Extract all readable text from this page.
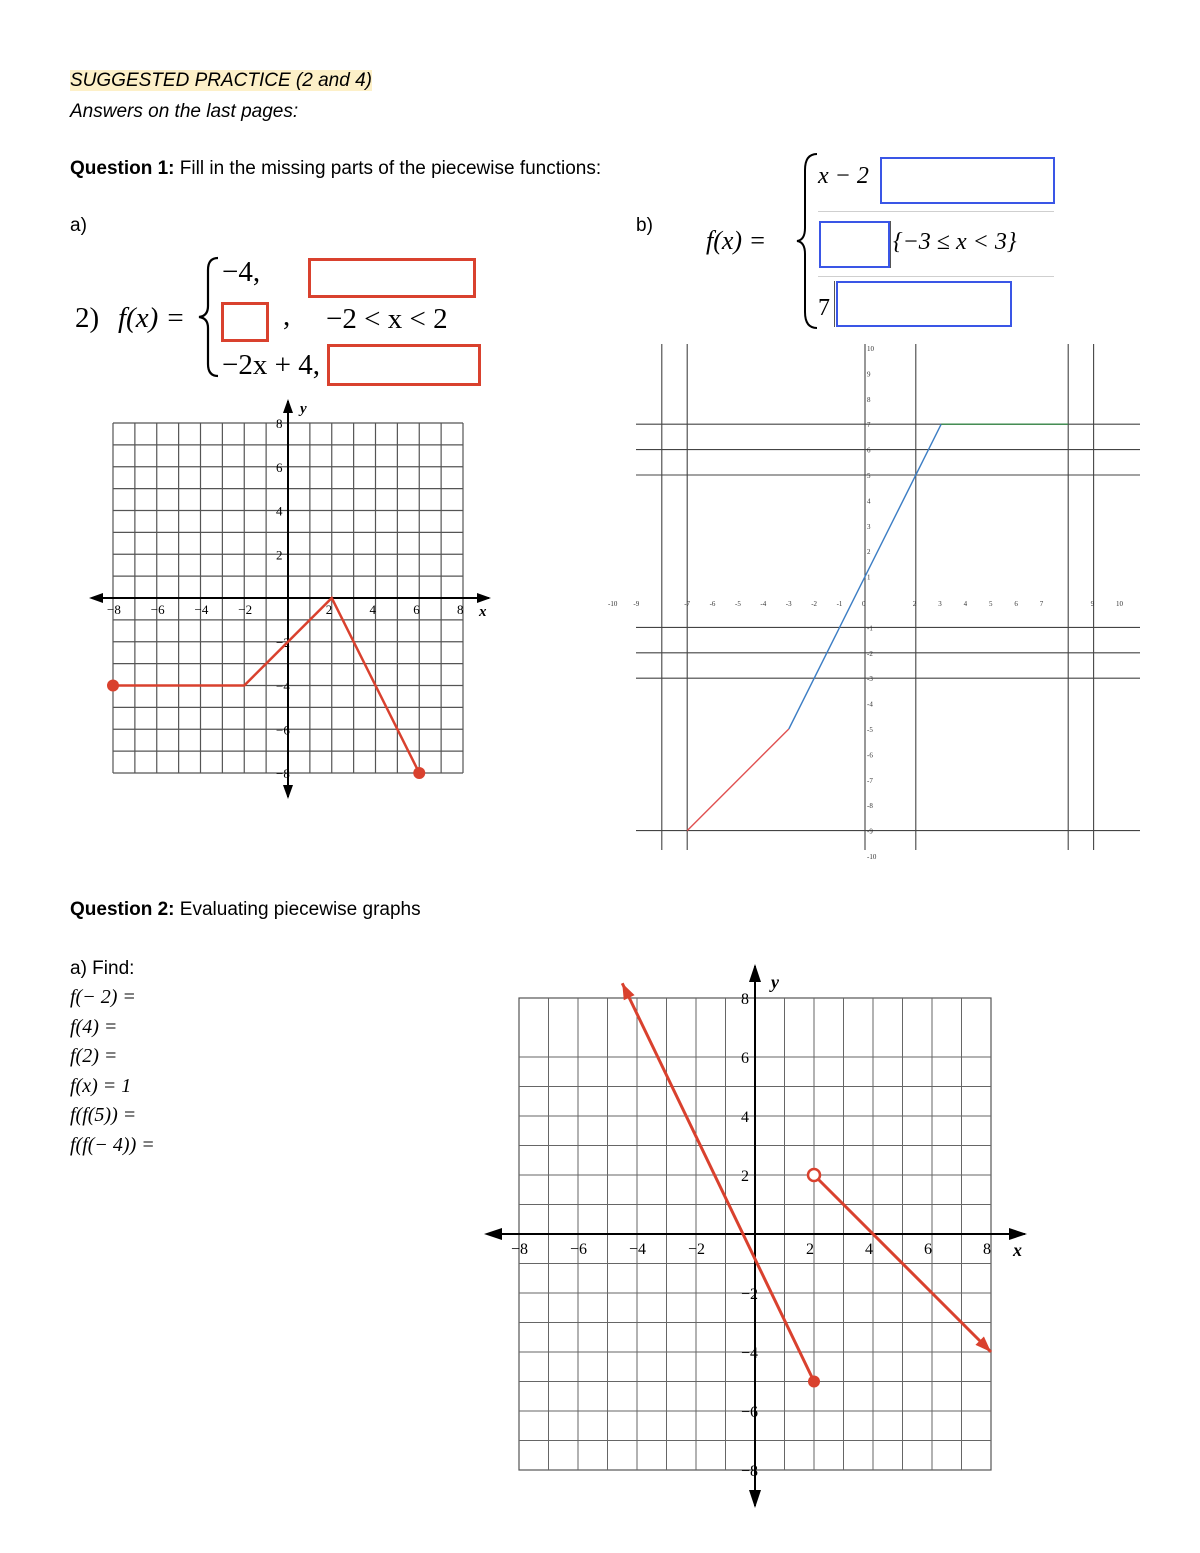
SUGGESTED PRACTICE (2 and 4)
Answers on the last pages:
Question 1: Fill in the missing parts of the piecewise functions:
a)	b)
2) f(x) =
−4,
, −2 < x < 2
−2x + 4,
f(x) =
x − 2
{−3 ≤ x < 3}
7
x
y
−8 −6 −4 −2	2	4	6	8
−8
−6
−4
−2
2
4
6
8
-10 -9	-7	-6	-5	-4	-3	-2	-1	0	2	3	4	5	6	7	9	10
10
9
8
7
6
5
4
3
2
1
-1
-2
-3
-4
-5
-6
-7
-8
-9
-10
Question 2: Evaluating piecewise graphs
a) Find:
f(− 2) =
f(4) =
f(2) =
f(x) = 1
f(f(5)) =
f(f(− 4)) =
x
y
−8	−6	−4	−2	2	4	6	8
−8
−6
−4
−2
2
4
6
8
